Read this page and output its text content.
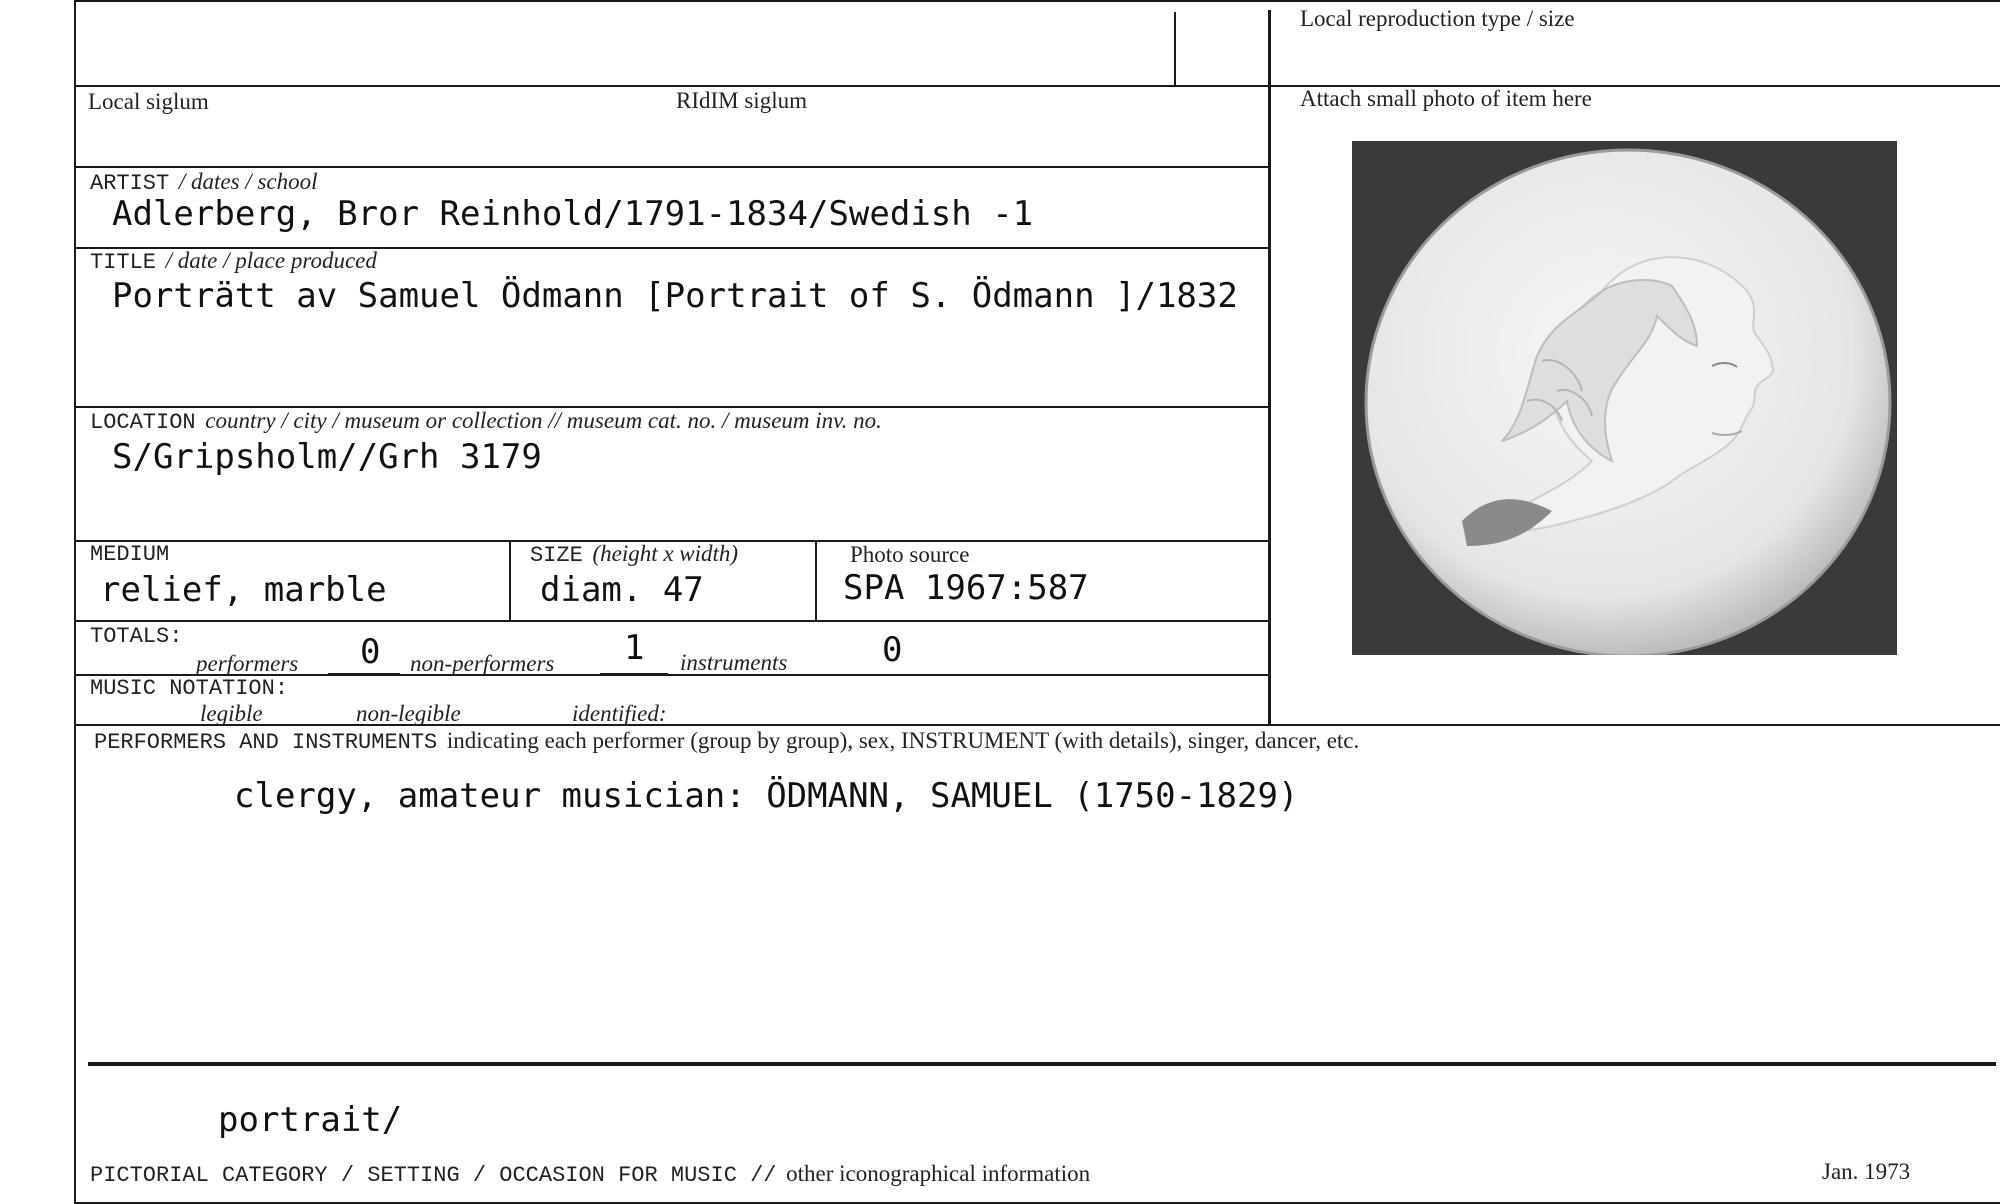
Local reproduction type / size
Local siglum	RIdIM siglum	Attach small photo of item here
ARTIST / dates / school
Adlerberg, Bror Reinhold/1791-1834/Swedish -1
TITLE / date / place produced
Porträtt av Samuel Ödmann [Portrait of S. Ödmann ]/1832
LOCATION country / city / museum or collection // museum cat. no. / museum inv. no.
S/Gripsholm//Grh 3179
MEDIUM
relief, marble
SIZE (height x width)
diam. 47
Photo source
SPA 1967:587
TOTALS:
performers 0 non-performers 1 instruments	0
MUSIC NOTATION:
legible	non-legible	identified:
PERFORMERS AND INSTRUMENTS indicating each performer (group by group), sex, INSTRUMENT (with details), singer, dancer, etc.
clergy, amateur musician: ÖDMANN, SAMUEL (1750-1829)
portrait/
PICTORIAL CATEGORY / SETTING / OCCASION FOR MUSIC // other iconographical information	Jan. 1973
